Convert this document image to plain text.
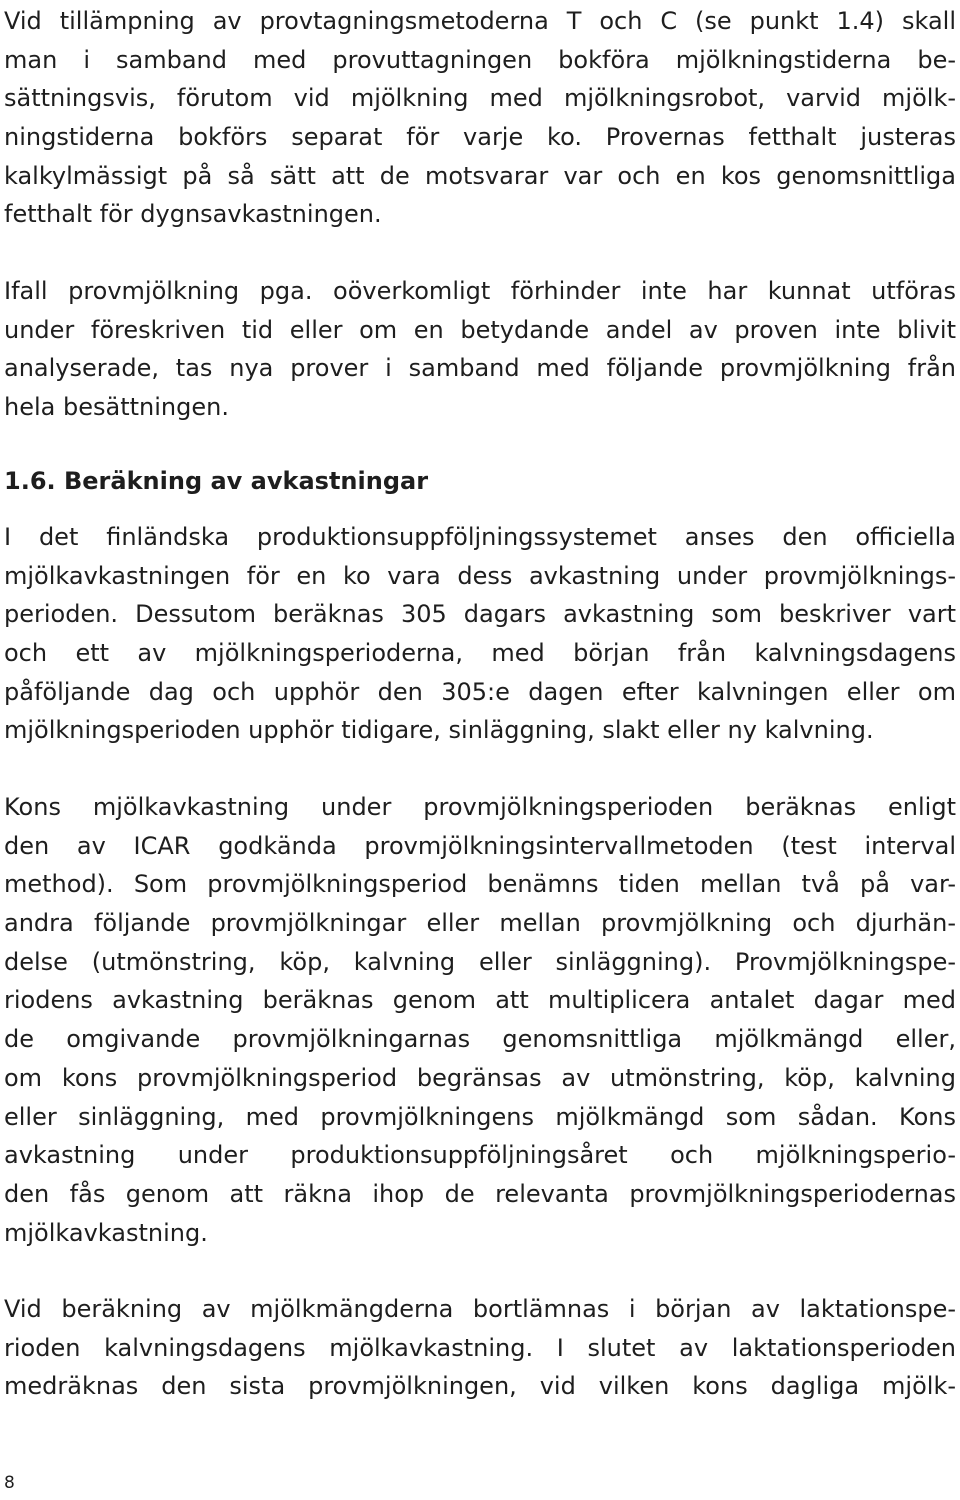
Vid tillämpning av provtagningsmetoderna T och C (se punkt 1.4) skall
man i samband med provuttagningen bokföra mjölkningstiderna be-
sättningsvis, förutom vid mjölkning med mjölkningsrobot, varvid mjölk-
ningstiderna bokförs separat för varje ko. Provernas fetthalt justeras
kalkylmässigt på så sätt att de motsvarar var och en kos genomsnittliga
fetthalt för dygnsavkastningen.

Ifall provmjölkning pga. oöverkomligt förhinder inte har kunnat utföras
under föreskriven tid eller om en betydande andel av proven inte blivit
analyserade, tas nya prover i samband med följande provmjölkning från
hela besättningen.

1.6. Beräkning av avkastningar

I det finländska produktionsuppföljningssystemet anses den officiella
mjölkavkastningen för en ko vara dess avkastning under provmjölknings-
perioden. Dessutom beräknas 305 dagars avkastning som beskriver vart
och ett av mjölkningsperioderna, med början från kalvningsdagens
påföljande dag och upphör den 305:e dagen efter kalvningen eller om
mjölkningsperioden upphör tidigare, sinläggning, slakt eller ny kalvning.

Kons mjölkavkastning under provmjölkningsperioden beräknas enligt
den av ICAR godkända provmjölkningsintervallmetoden (test interval
method). Som provmjölkningsperiod benämns tiden mellan två på var-
andra följande provmjölkningar eller mellan provmjölkning och djurhän-
delse (utmönstring, köp, kalvning eller sinläggning). Provmjölkningspe-
riodens avkastning beräknas genom att multiplicera antalet dagar med
de omgivande provmjölkningarnas genomsnittliga mjölkmängd eller,
om kons provmjölkningsperiod begränsas av utmönstring, köp, kalvning
eller sinläggning, med provmjölkningens mjölkmängd som sådan. Kons
avkastning under produktionsuppföljningsåret och mjölkningsperio-
den fås genom att räkna ihop de relevanta provmjölkningsperiodernas
mjölkavkastning.

Vid beräkning av mjölkmängderna bortlämnas i början av laktationspe-
rioden kalvningsdagens mjölkavkastning. I slutet av laktationsperioden
medräknas den sista provmjölkningen, vid vilken kons dagliga mjölk-

8
